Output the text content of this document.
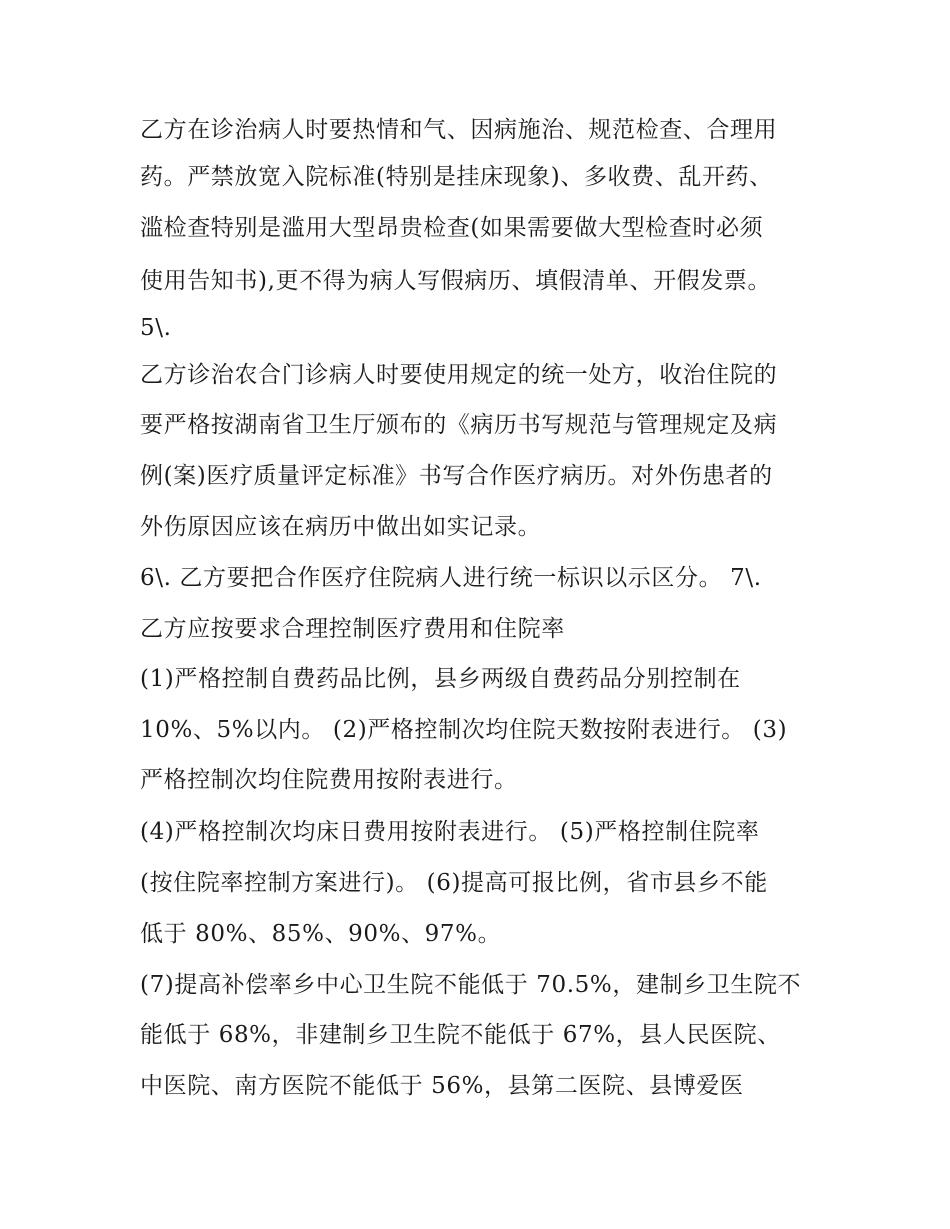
乙方在诊治病人时要热情和气、因病施治、规范检查、合理用
药。严禁放宽入院标准(特别是挂床现象)、多收费、乱开药、
滥检查特别是滥用大型昂贵检查(如果需要做大型检查时必须
使用告知书),更不得为病人写假病历、填假清单、开假发票。
5\.
乙方诊治农合门诊病人时要使用规定的统一处方，收治住院的
要严格按湖南省卫生厅颁布的《病历书写规范与管理规定及病
例(案)医疗质量评定标准》书写合作医疗病历。对外伤患者的
外伤原因应该在病历中做出如实记录。
6\. 乙方要把合作医疗住院病人进行统一标识以示区分。 7\.
乙方应按要求合理控制医疗费用和住院率
(1)严格控制自费药品比例，县乡两级自费药品分别控制在
10%、5%以内。 (2)严格控制次均住院天数按附表进行。 (3)
严格控制次均住院费用按附表进行。
(4)严格控制次均床日费用按附表进行。 (5)严格控制住院率
(按住院率控制方案进行)。 (6)提高可报比例，省市县乡不能
低于 80%、85%、90%、97%。
(7)提高补偿率乡中心卫生院不能低于 70.5%，建制乡卫生院不
能低于 68%，非建制乡卫生院不能低于 67%，县人民医院、
中医院、南方医院不能低于 56%，县第二医院、县博爱医
